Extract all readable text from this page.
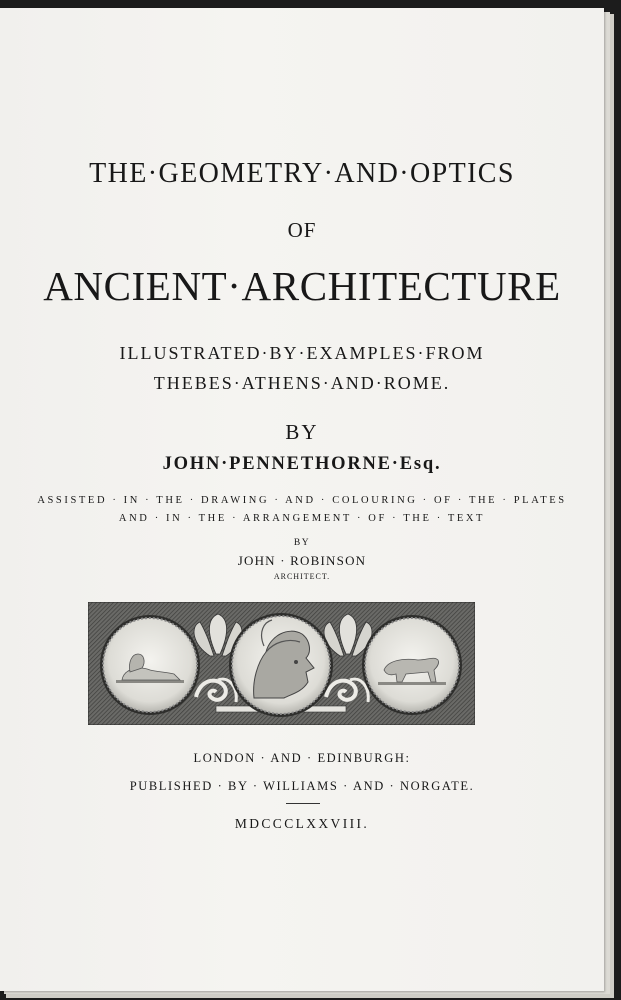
THE·GEOMETRY·AND·OPTICS
OF
ANCIENT·ARCHITECTURE
ILLUSTRATED·BY·EXAMPLES·FROM
THEBES·ATHENS·AND·ROME.
BY
JOHN·PENNETHORNE·Esq.
ASSISTED · IN · THE · DRAWING · AND · COLOURING · OF · THE · PLATES
AND · IN · THE · ARRANGEMENT · OF · THE · TEXT
BY
JOHN · ROBINSON
ARCHITECT.
LONDON · AND · EDINBURGH:
PUBLISHED · BY · WILLIAMS · AND · NORGATE.
MDCCCLXXVIII.
